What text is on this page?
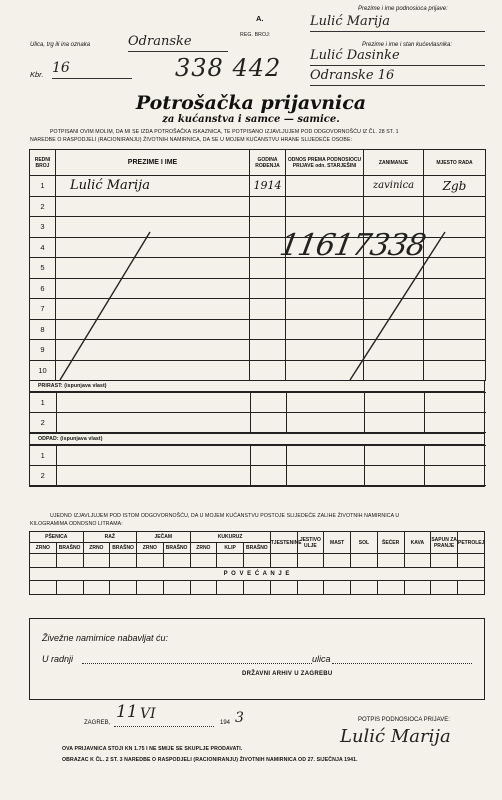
A.
REG. BROJ:
Prezime i ime podnosioca prijave:
Lulić Marija
Prezime i ime i stan kućevlasnika:
Lulić Dasinke
Odranske 16
Ulica, trg ili ina oznaka	Odranske
Kbr. 16	338 442
Potrošačka prijavnica
za kućanstva i samce — samice.
POTPISANI OVIM MOLIM, DA MI SE IZDA POTROŠAČKA ISKAZNICA, TE POTPISANO IZJAVLJUJEM POD ODGOVORNOŠĆU IZ ČL. 28 ST. 1
NAREDBE O RASPODJELI (RACIONIRANJU) ŽIVOTNIH NAMIRNICA, DA SE U MOJEM KUĆANSTVU HRANE SLIJEDEĆE OSOBE:
REDNI BROJ	PREZIME I IME	GODINA ROĐENJA	ODNOS PREMA PODNOSIOCU PRIJAVE odn. STARJEŠINI	ZANIMANJE	MJESTO RADA
1	Lulić Marija	1914		zavinica	Zgb
2					
3					
4					
5					
6					
7					
8					
9					
10					
PRIRAST: (ispunjava vlast)
1					
2					
ODPAD: (ispunjava vlast)
1					
2					
11617338
UJEDNO IZJAVLJUJEM POD ISTOM ODGOVORNOŠĆU, DA U MOJEM KUĆANSTVU POSTOJE SLIJEDEĆE ZALIHE ŽIVOTNIH NAMIRNICA U
KILOGRAMIMA ODNOSNO LITRAMA:
PŠENICA		RAŽ		JEČAM		KUKURUZ			TJESTENINE	JESTIVO ULJE	MAST	SOL	ŠEĆER	KAVA	SAPUN ZA PRANJE	PETROLEJ
ZRNO	BRAŠNO	ZRNO	BRAŠNO	ZRNO	BRAŠNO	ZRNO	KLIP	BRAŠNO								

P O V E Ć A N J E																

Živežne namirnice nabavljat ću:
U radnji	ulica
DRŽAVNI ARHIV U ZAGREBU
ZAGREB,
11 VI
194 3	POTPIS PODNOSIOCA PRIJAVE:
Lulić Marija
OVA PRIJAVNICA STOJI KN 1.75 I NE SMIJE SE SKUPLJE PRODAVATI.
OBRAZAC K ČL. 2 ST. 3 NAREDBE O RASPODJELI (RACIONIRANJU) ŽIVOTNIH NAMIRNICA OD 27. SIJEČNJA 1941.
